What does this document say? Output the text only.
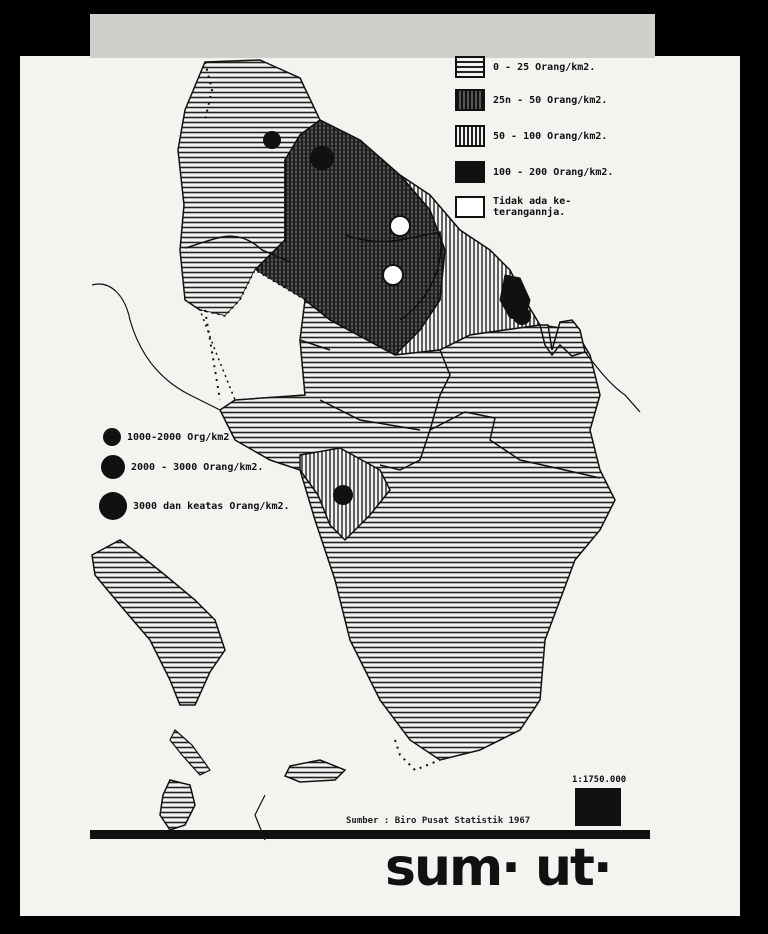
0 - 25 Orang/km2.
25n - 50 Orang/km2.
50 - 100 Orang/km2.
100 - 200 Orang/km2.
Tidak ada ke- terangannja.
1000-2000 Org/km2
2000 - 3000 Orang/km2.
3000 dan keatas Orang/km2.
1:1750.000
Sumber : Biro Pusat Statistik 1967
sum· ut·
